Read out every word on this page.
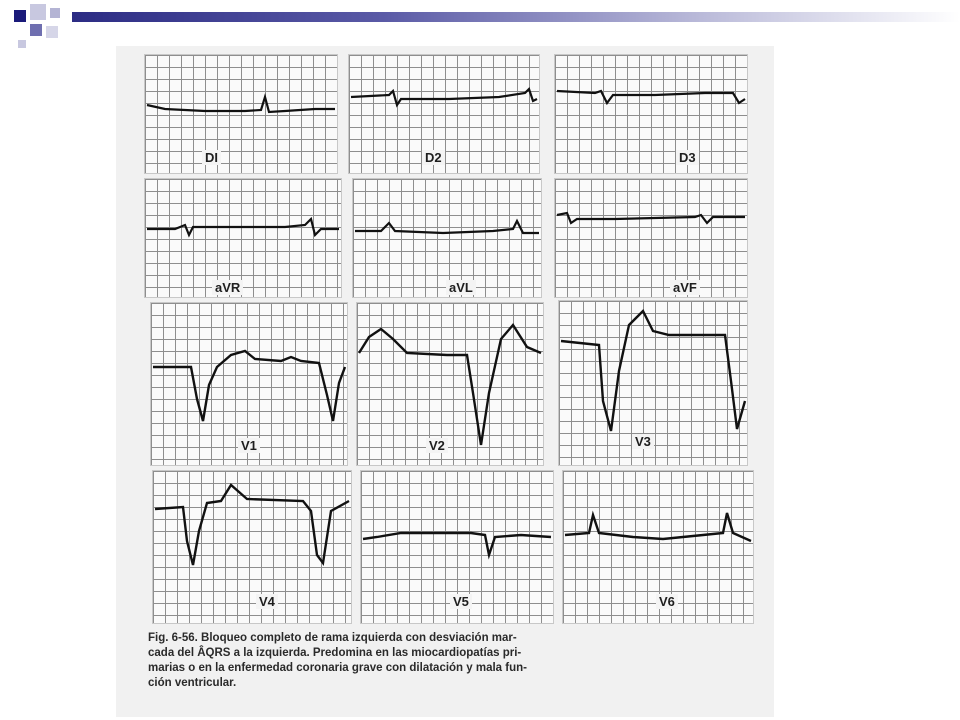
DI	D2	D3
aVR	aVL	aVF
V1	V2	V3
V4	V5	V6
Fig. 6-56. Bloqueo completo de rama izquierda con desviación mar-
cada del ÂQRS a la izquierda. Predomina en las miocardiopatías pri-
marias o en la enfermedad coronaria grave con dilatación y mala fun-
ción ventricular.
